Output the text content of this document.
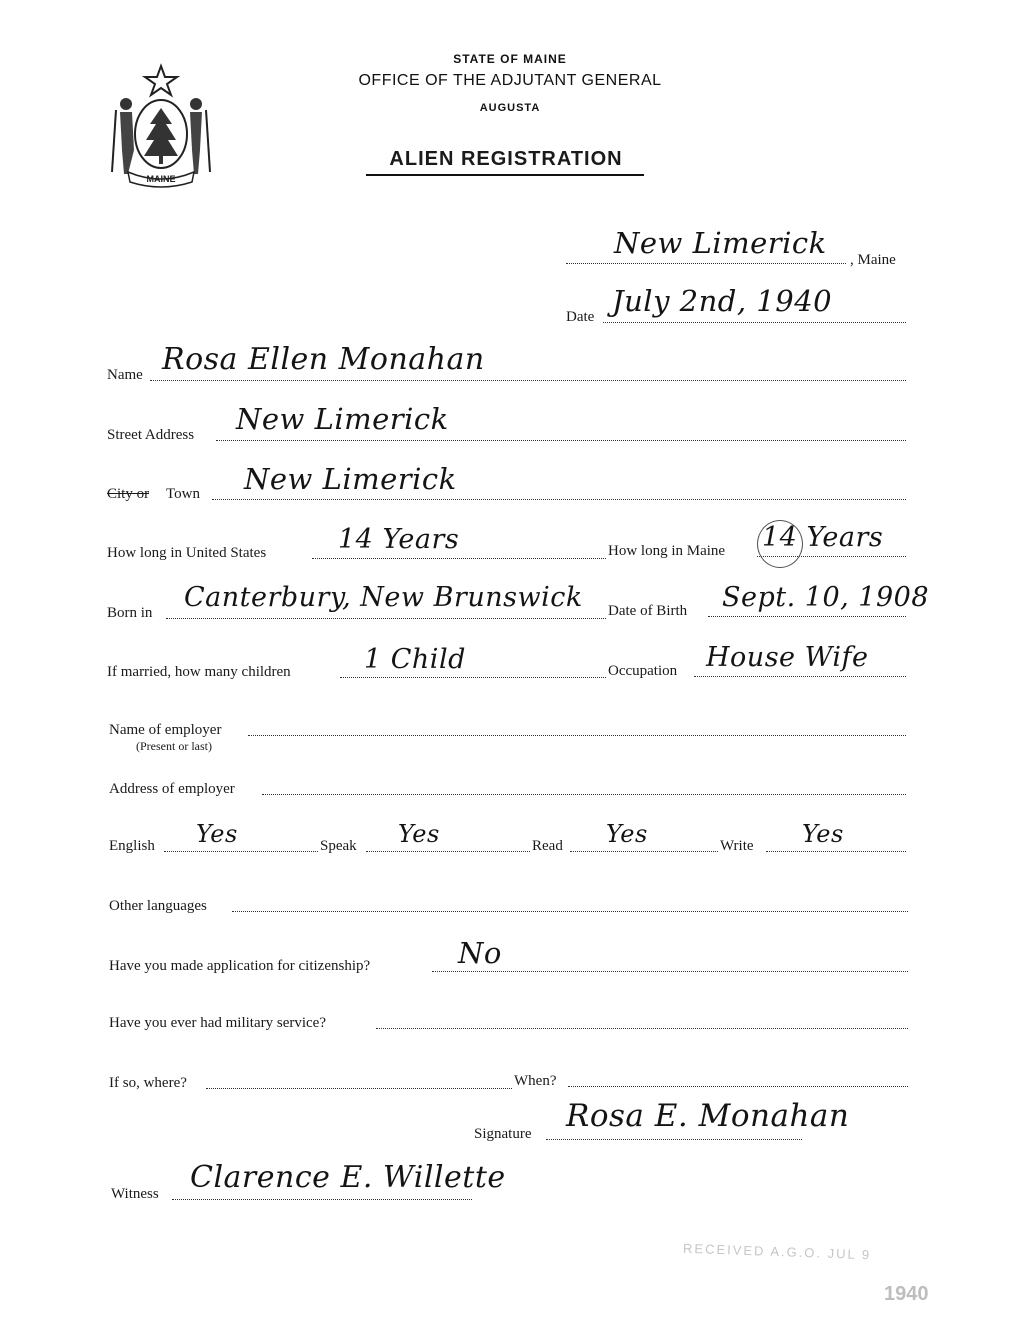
MAINE
STATE OF MAINE
OFFICE OF THE ADJUTANT GENERAL
AUGUSTA
ALIEN REGISTRATION
New Limerick , Maine
Date July 2nd, 1940
Name Rosa Ellen Monahan
Street Address New Limerick
City or Town New Limerick
How long in United States	14 Years	How long in Maine 14 Years
Born in Canterbury, New Brunswick Date of Birth Sept. 10, 1908
If married, how many children	1 Child	Occupation House Wife
Name of employer
(Present or last)
Address of employer
English Yes	Speak Yes	Read Yes	Write Yes
Other languages
Have you made application for citizenship?	No
Have you ever had military service?
If so, where?	When?
Signature Rosa E. Monahan
Witness Clarence E. Willette
RECEIVED A.G.O. JUL 9
1940
